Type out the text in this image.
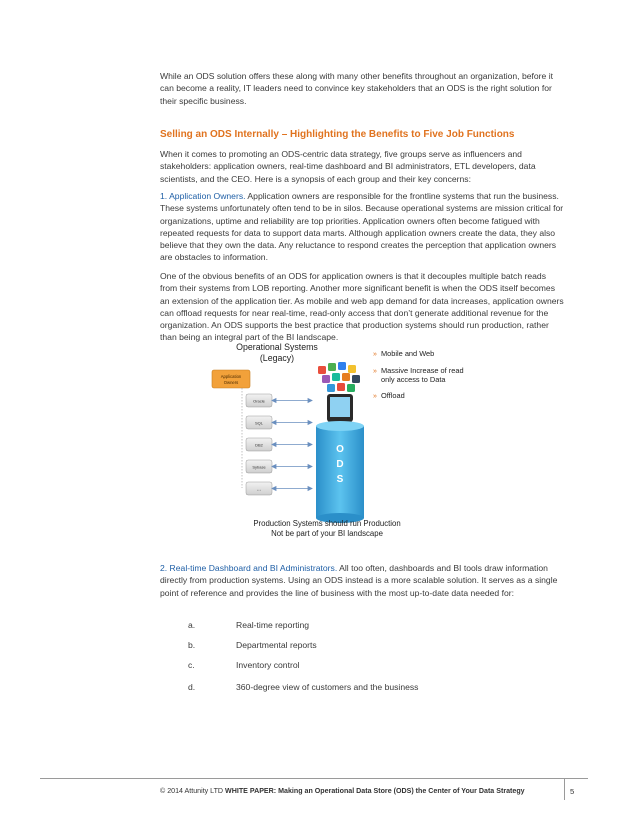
While an ODS solution offers these along with many other benefits throughout an organization, before it can become a reality, IT leaders need to convince key stakeholders that an ODS is the right solution for their specific business.

Selling an ODS Internally – Highlighting the Benefits to Five Job Functions

When it comes to promoting an ODS-centric data strategy, five groups serve as influencers and stakeholders: application owners, real-time dashboard and BI administrators, ETL developers, data scientists, and the CEO. Here is a synopsis of each group and their key concerns:

1. Application Owners. Application owners are responsible for the frontline systems that run the business. These systems unfortunately often tend to be in silos. Because operational systems are mission critical for organizations, uptime and reliability are top priorities. Application owners often become fatigued with repeated requests for data to support data marts. Although application owners create the data, they also believe that they own the data. Any reluctance to respond creates the perception that application owners are obstacles to information.

One of the obvious benefits of an ODS for application owners is that it decouples multiple batch reads from their systems from LOB reporting. Another more significant benefit is when the ODS itself becomes an extension of the application tier. As mobile and web app demand for data increases, application owners can offload requests for near real-time, read-only access that don’t generate additional revenue for the organization. An ODS supports the best practice that production systems should run production, rather than being an integral part of the BI landscape.

Operational Systems
(Legacy)
Application
Owners
Oracle
SQL
DB2
Sybase
...
O
D
S
» Mobile and Web
» Massive Increase of read
only access to Data
» Offload
Production Systems should run Production
Not be part of your BI landscape

2. Real-time Dashboard and BI Administrators. All too often, dashboards and BI tools draw information directly from production systems. Using an ODS instead is a more scalable solution. It serves as a single point of reference and provides the line of business with the most up-to-date data needed for:

a.	Real-time reporting
b.	Departmental reports
c.	Inventory control
d.	360-degree view of customers and the business
© 2014 Attunity LTD WHITE PAPER: Making an Operational Data Store (ODS) the Center of Your Data Strategy	5
